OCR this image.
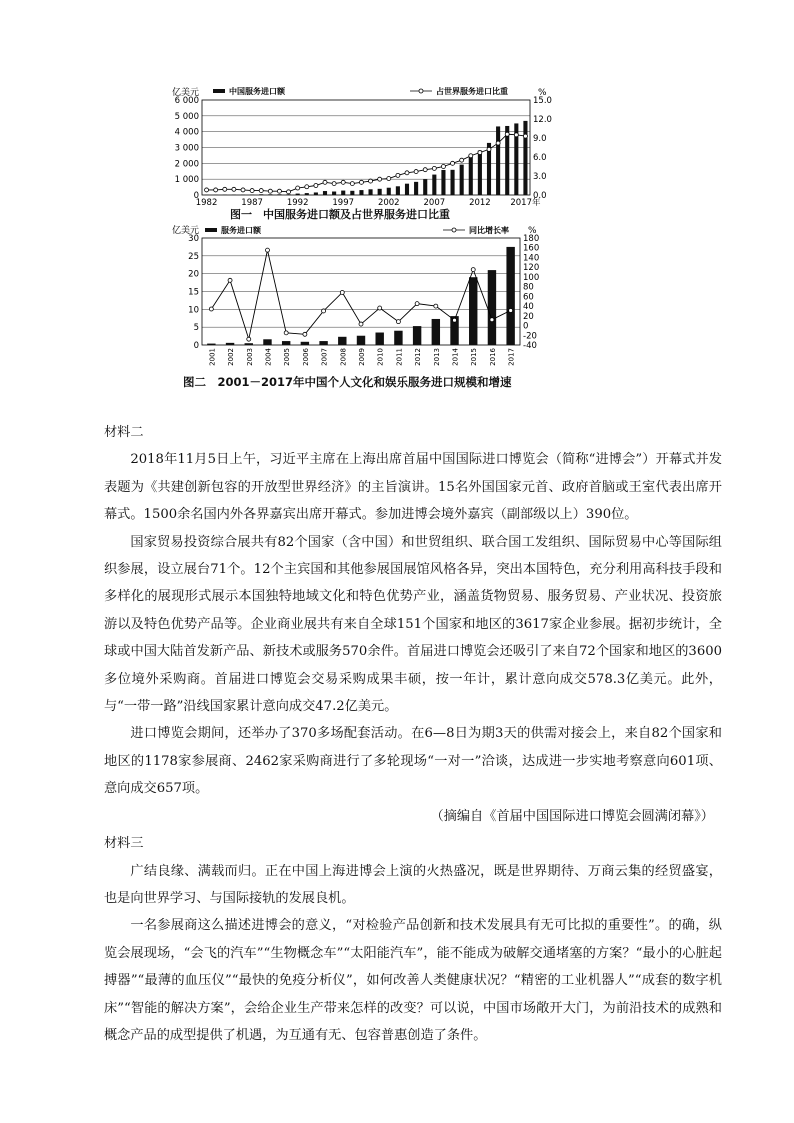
0
1 000
2 000
3 000
4 000
5 000
6 000
0.0
3.0
6.0
9.0
12.0
15.0
亿美元	%
1982	1987	1992	1997	2002	2007	2012 2017年
中国服务进口额	占世界服务进口比重
图一　中国服务进口额及占世界服务进口比重
0
5
10
15
20
25
30
-40
-20
0
20
40
60
80
100
120
140
160
180
亿美元	%
2001 2002 2003 2004 2005 2006 2007 2008 2009 2010 2011 2012 2013 2014 2015 2016 2017
服务进口额	同比增长率
图二　2001－2017年中国个人文化和娱乐服务进口规模和增速

材料二

2018年11月5日上午，习近平主席在上海出席首届中国国际进口博览会（简称“进博会”）开幕式并发表题为《共建创新包容的开放型世界经济》的主旨演讲。15名外国国家元首、政府首脑或王室代表出席开幕式。1500余名国内外各界嘉宾出席开幕式。参加进博会境外嘉宾（副部级以上）390位。

国家贸易投资综合展共有82个国家（含中国）和世贸组织、联合国工发组织、国际贸易中心等国际组织参展，设立展台71个。12个主宾国和其他参展国展馆风格各异，突出本国特色，充分利用高科技手段和多样化的展现形式展示本国独特地域文化和特色优势产业，涵盖货物贸易、服务贸易、产业状况、投资旅游以及特色优势产品等。企业商业展共有来自全球151个国家和地区的3617家企业参展。据初步统计，全球或中国大陆首发新产品、新技术或服务570余件。首届进口博览会还吸引了来自72个国家和地区的3600多位境外采购商。首届进口博览会交易采购成果丰硕，按一年计，累计意向成交578.3亿美元。此外，与“一带一路”沿线国家累计意向成交47.2亿美元。

进口博览会期间，还举办了370多场配套活动。在6—8日为期3天的供需对接会上，来自82个国家和地区的1178家参展商、2462家采购商进行了多轮现场“一对一”洽谈，达成进一步实地考察意向601项、意向成交657项。

（摘编自《首届中国国际进口博览会圆满闭幕》）

材料三

广结良缘、满载而归。正在中国上海进博会上演的火热盛况，既是世界期待、万商云集的经贸盛宴，也是向世界学习、与国际接轨的发展良机。

一名参展商这么描述进博会的意义，“对检验产品创新和技术发展具有无可比拟的重要性”。的确，纵览会展现场，“会飞的汽车”“生物概念车”“太阳能汽车”，能不能成为破解交通堵塞的方案？“最小的心脏起搏器”“最薄的血压仪”“最快的免疫分析仪”，如何改善人类健康状况？“精密的工业机器人”“成套的数字机床”“智能的解决方案”，会给企业生产带来怎样的改变？可以说，中国市场敞开大门，为前沿技术的成熟和概念产品的成型提供了机遇，为互通有无、包容普惠创造了条件。
